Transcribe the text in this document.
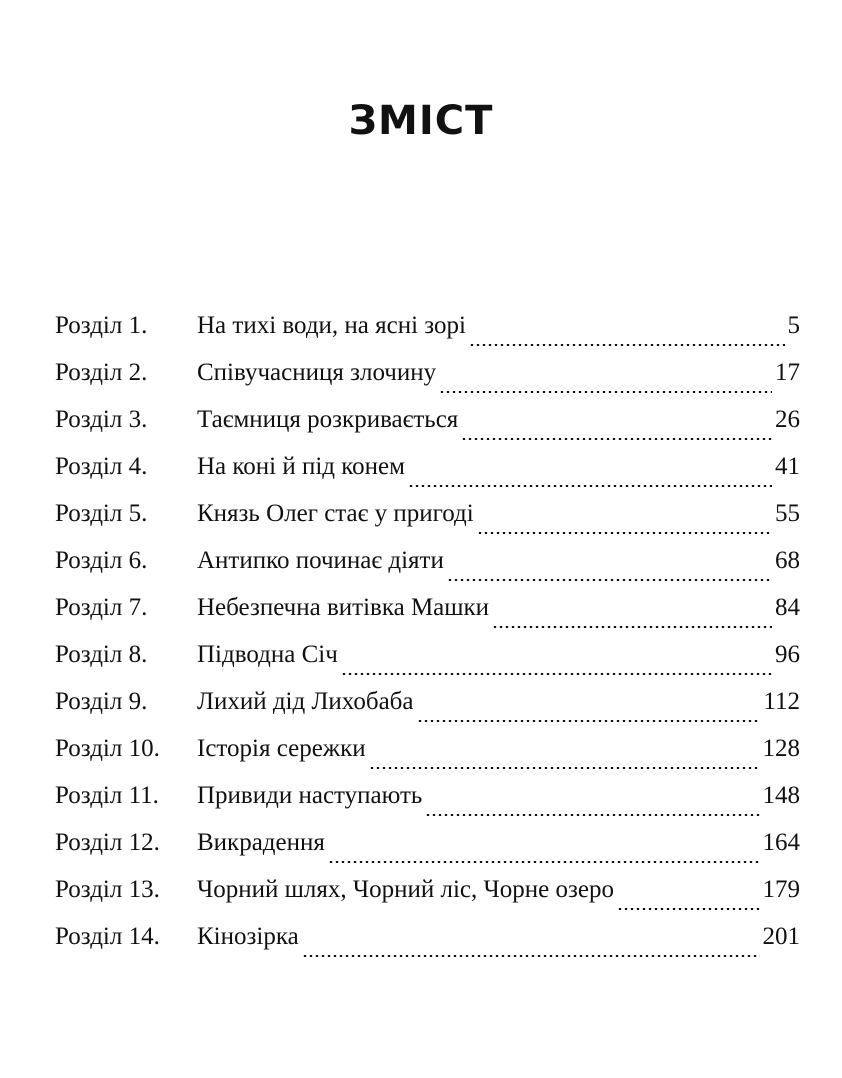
ЗМІСТ
Розділ 1.	На тихі води, на ясні зорі	5
Розділ 2.	Співучасниця злочину	17
Розділ 3.	Таємниця розкривається	26
Розділ 4.	На коні й під конем	41
Розділ 5.	Князь Олег стає у пригоді	55
Розділ 6.	Антипко починає діяти	68
Розділ 7.	Небезпечна витівка Машки	84
Розділ 8.	Підводна Січ	96
Розділ 9.	Лихий дід Лихобаба	112
Розділ 10.	Історія сережки	128
Розділ 11.	Привиди наступають	148
Розділ 12.	Викрадення	164
Розділ 13.	Чорний шлях, Чорний ліс, Чорне озеро	179
Розділ 14.	Кінозірка	201
